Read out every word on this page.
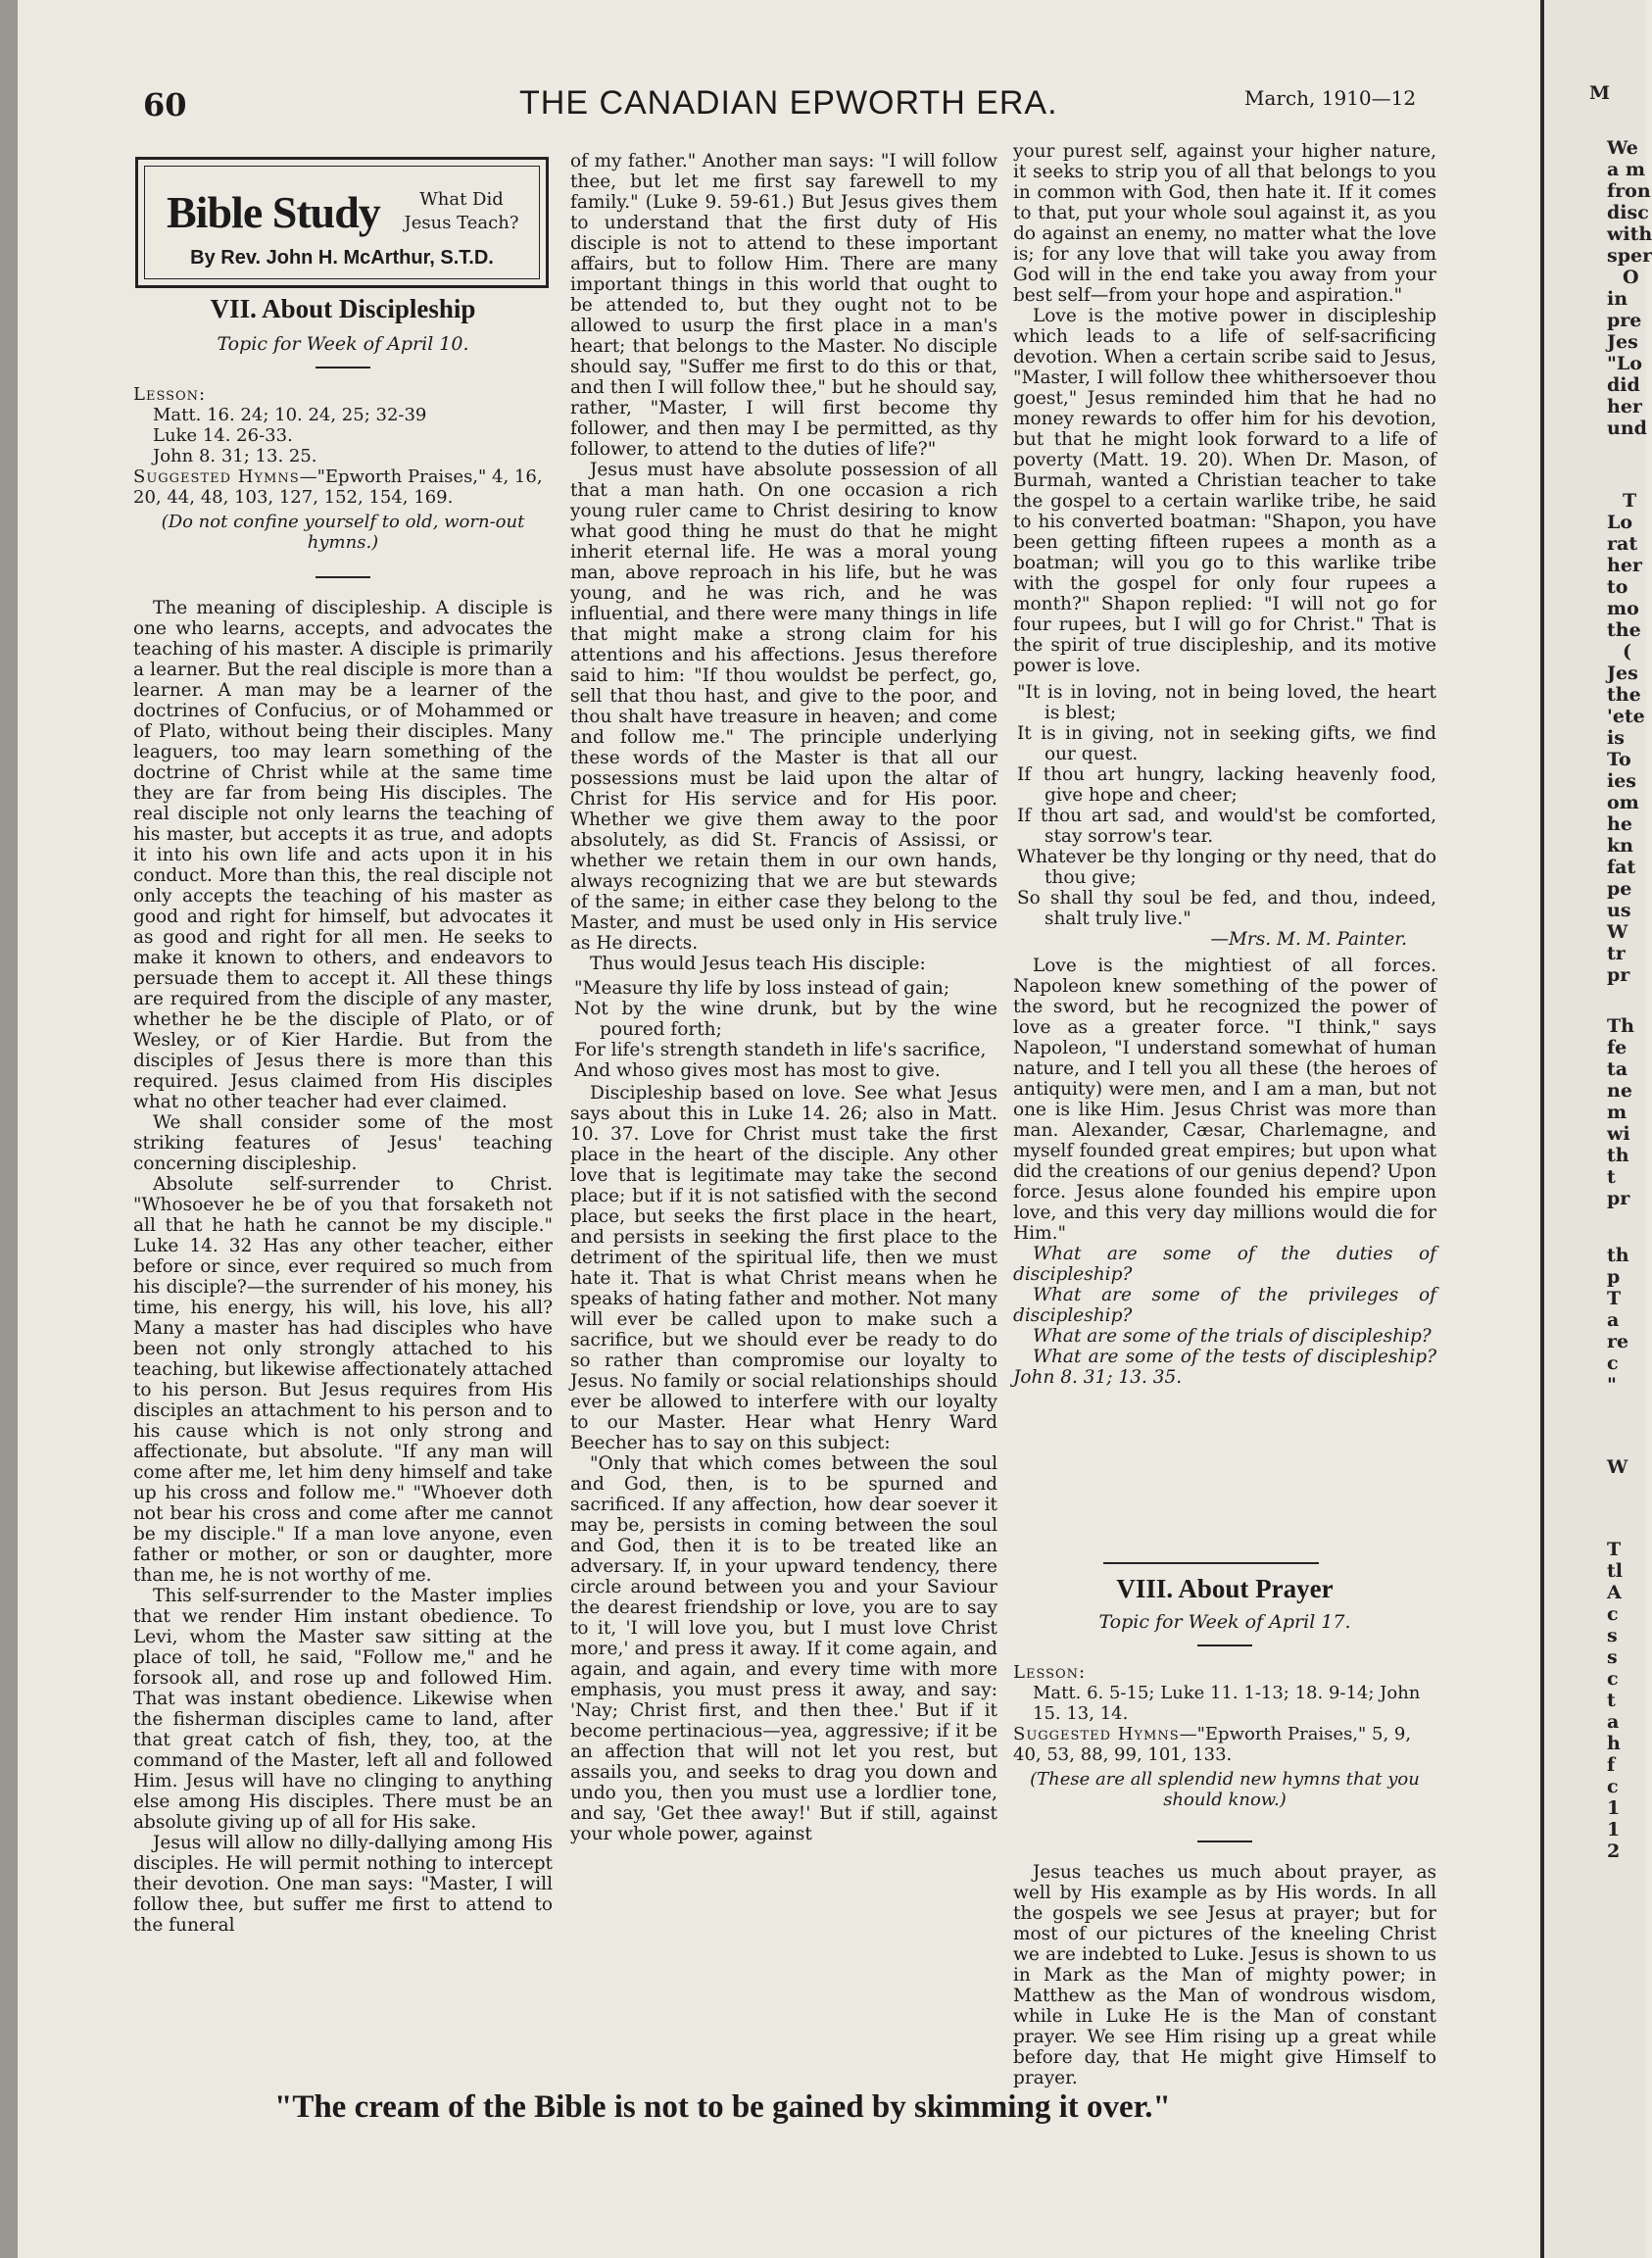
60	THE CANADIAN EPWORTH ERA.	March, 1910—12
Bible Study	What Did Jesus Teach?
By Rev. John H. McArthur, S.T.D.
VII. About Discipleship
Topic for Week of April 10.
Lesson:
Matt. 16. 24; 10. 24, 25; 32-39
Luke 14. 26-33.
John 8. 31; 13. 25.
Suggested Hymns—"Epworth Praises," 4, 16, 20, 44, 48, 103, 127, 152, 154, 169.
(Do not confine yourself to old, worn-out hymns.)

The meaning of discipleship. A disciple is one who learns, accepts, and advocates the teaching of his master. A disciple is primarily a learner. But the real disciple is more than a learner. A man may be a learner of the doctrines of Confucius, or of Mohammed or of Plato, without being their disciples. Many leaguers, too may learn something of the doctrine of Christ while at the same time they are far from being His disciples. The real disciple not only learns the teaching of his master, but accepts it as true, and adopts it into his own life and acts upon it in his conduct. More than this, the real disciple not only accepts the teaching of his master as good and right for himself, but advocates it as good and right for all men. He seeks to make it known to others, and endeavors to persuade them to accept it. All these things are required from the disciple of any master, whether he be the disciple of Plato, or of Wesley, or of Kier Hardie. But from the disciples of Jesus there is more than this required. Jesus claimed from His disciples what no other teacher had ever claimed.

We shall consider some of the most striking features of Jesus' teaching concerning discipleship.

Absolute self-surrender to Christ. "Whosoever he be of you that forsaketh not all that he hath he cannot be my disciple." Luke 14. 32 Has any other teacher, either before or since, ever required so much from his disciple?—the surrender of his money, his time, his energy, his will, his love, his all? Many a master has had disciples who have been not only strongly attached to his teaching, but likewise affectionately attached to his person. But Jesus requires from His disciples an attachment to his person and to his cause which is not only strong and affectionate, but absolute. "If any man will come after me, let him deny himself and take up his cross and follow me." "Whoever doth not bear his cross and come after me cannot be my disciple." If a man love anyone, even father or mother, or son or daughter, more than me, he is not worthy of me.

This self-surrender to the Master implies that we render Him instant obedience. To Levi, whom the Master saw sitting at the place of toll, he said, "Follow me," and he forsook all, and rose up and followed Him. That was instant obedience. Likewise when the fisherman disciples came to land, after that great catch of fish, they, too, at the command of the Master, left all and followed Him. Jesus will have no clinging to anything else among His disciples. There must be an absolute giving up of all for His sake.

Jesus will allow no dilly-dallying among His disciples. He will permit nothing to intercept their devotion. One man says: "Master, I will follow thee, but suffer me first to attend to the funeral

of my father." Another man says: "I will follow thee, but let me first say farewell to my family." (Luke 9. 59-61.) But Jesus gives them to understand that the first duty of His disciple is not to attend to these important affairs, but to follow Him. There are many important things in this world that ought to be attended to, but they ought not to be allowed to usurp the first place in a man's heart; that belongs to the Master. No disciple should say, "Suffer me first to do this or that, and then I will follow thee," but he should say, rather, "Master, I will first become thy follower, and then may I be permitted, as thy follower, to attend to the duties of life?"

Jesus must have absolute possession of all that a man hath. On one occasion a rich young ruler came to Christ desiring to know what good thing he must do that he might inherit eternal life. He was a moral young man, above reproach in his life, but he was young, and he was rich, and he was influential, and there were many things in life that might make a strong claim for his attentions and his affections. Jesus therefore said to him: "If thou wouldst be perfect, go, sell that thou hast, and give to the poor, and thou shalt have treasure in heaven; and come and follow me." The principle underlying these words of the Master is that all our possessions must be laid upon the altar of Christ for His service and for His poor. Whether we give them away to the poor absolutely, as did St. Francis of Assissi, or whether we retain them in our own hands, always recognizing that we are but stewards of the same; in either case they belong to the Master, and must be used only in His service as He directs.

Thus would Jesus teach His disciple:

"Measure thy life by loss instead of gain;
Not by the wine drunk, but by the wine poured forth;
For life's strength standeth in life's sacrifice,
And whoso gives most has most to give.

Discipleship based on love. See what Jesus says about this in Luke 14. 26; also in Matt. 10. 37. Love for Christ must take the first place in the heart of the disciple. Any other love that is legitimate may take the second place; but if it is not satisfied with the second place, but seeks the first place in the heart, and persists in seeking the first place to the detriment of the spiritual life, then we must hate it. That is what Christ means when he speaks of hating father and mother. Not many will ever be called upon to make such a sacrifice, but we should ever be ready to do so rather than compromise our loyalty to Jesus. No family or social relationships should ever be allowed to interfere with our loyalty to our Master. Hear what Henry Ward Beecher has to say on this subject:

"Only that which comes between the soul and God, then, is to be spurned and sacrificed. If any affection, how dear soever it may be, persists in coming between the soul and God, then it is to be treated like an adversary. If, in your upward tendency, there circle around between you and your Saviour the dearest friendship or love, you are to say to it, 'I will love you, but I must love Christ more,' and press it away. If it come again, and again, and again, and every time with more emphasis, you must press it away, and say: 'Nay; Christ first, and then thee.' But if it become pertinacious—yea, aggressive; if it be an affection that will not let you rest, but assails you, and seeks to drag you down and undo you, then you must use a lordlier tone, and say, 'Get thee away!' But if still, against your whole power, against

your purest self, against your higher nature, it seeks to strip you of all that belongs to you in common with God, then hate it. If it comes to that, put your whole soul against it, as you do against an enemy, no matter what the love is; for any love that will take you away from God will in the end take you away from your best self—from your hope and aspiration."

Love is the motive power in discipleship which leads to a life of self-sacrificing devotion. When a certain scribe said to Jesus, "Master, I will follow thee whithersoever thou goest," Jesus reminded him that he had no money rewards to offer him for his devotion, but that he might look forward to a life of poverty (Matt. 19. 20). When Dr. Mason, of Burmah, wanted a Christian teacher to take the gospel to a certain warlike tribe, he said to his converted boatman: "Shapon, you have been getting fifteen rupees a month as a boatman; will you go to this warlike tribe with the gospel for only four rupees a month?" Shapon replied: "I will not go for four rupees, but I will go for Christ." That is the spirit of true discipleship, and its motive power is love.

"It is in loving, not in being loved, the heart is blest;
It is in giving, not in seeking gifts, we find our quest.
If thou art hungry, lacking heavenly food, give hope and cheer;
If thou art sad, and would'st be comforted, stay sorrow's tear.
Whatever be thy longing or thy need, that do thou give;
So shall thy soul be fed, and thou, indeed, shalt truly live."
—Mrs. M. M. Painter.

Love is the mightiest of all forces. Napoleon knew something of the power of the sword, but he recognized the power of love as a greater force. "I think," says Napoleon, "I understand somewhat of human nature, and I tell you all these (the heroes of antiquity) were men, and I am a man, but not one is like Him. Jesus Christ was more than man. Alexander, Cæsar, Charlemagne, and myself founded great empires; but upon what did the creations of our genius depend? Upon force. Jesus alone founded his empire upon love, and this very day millions would die for Him."

What are some of the duties of discipleship?
What are some of the privileges of discipleship?
What are some of the trials of discipleship?
What are some of the tests of discipleship? John 8. 31; 13. 35.
VIII. About Prayer
Topic for Week of April 17.
Lesson:
Matt. 6. 5-15; Luke 11. 1-13; 18. 9-14; John 15. 13, 14.
Suggested Hymns—"Epworth Praises," 5, 9, 40, 53, 88, 99, 101, 133.
(These are all splendid new hymns that you should know.)

Jesus teaches us much about prayer, as well by His example as by His words. In all the gospels we see Jesus at prayer; but for most of our pictures of the kneeling Christ we are indebted to Luke. Jesus is shown to us in Mark as the Man of mighty power; in Matthew as the Man of wondrous wisdom, while in Luke He is the Man of constant prayer. We see Him rising up a great while before day, that He might give Himself to prayer.

"The cream of the Bible is not to be gained by skimming it over."
M
We
a m
fron
disc
with
sper
O
in
pre
Jes
"Lo
did
her
und
T
Lo
rat
her
to
mo
the
(
Jes
the
'ete
is
To
ies
om
he
kn
fat
pe
us
W
tr
pr
Th
fe
ta
ne
m
wi
th
t
pr
th
p
T
a
re
c
"
W
T
tl
A
c
s
s
c
t
a
h
f
c
1
1
2
